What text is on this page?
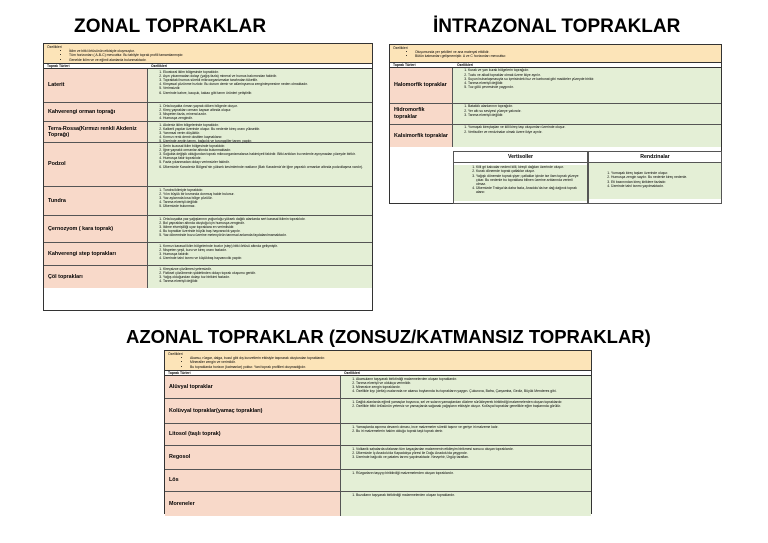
ZONAL TOPRAKLAR	İNTRAZONAL TOPRAKLAR
AZONAL TOPRAKLAR (ZONSUZ/KATMANSIZ TOPRAKLAR)
Özellikleri
• İklim ve bitki örtüsünün etkisiyle oluşmuştur.
• Tüm horizonları ( A-B-C) mevcuttur. Bu tabiiyle toprak profili tamamlanmıştır.
• Genelde iklim ve ve eğimli alanlarda bulunmaktadır.
Toprak Türleri	Özellikleri
Laterit
1. Ekvatoral iklim bölgesinde topraklıdır.
2. Aşırı yıkanmadan dolayı (yağış fazla) mineral ve humus bakımından fakirdir.
3. Topraktaki humus sürekli mikroorganizmalar tarafından tüketilir.
4. Kimyasal çözünme hızlıdır. Bu durum demir ve alüminyumca zenginleşmesine neden olmaktadır.
5. Verimsizdir.
6. Üzerinde kahve, kauçuk, kakao gibi tarım ürünleri yetiştirilir.
Kahverengi orman toprağı
1. Orta kuşakta ılıman yaprak döken bölgede oluşur.
2. Kireç yaprakları ormanı kapsar altında oluşur.
3. Nispeten fazla, mineral azdır.
4. Humusça zengindir.
Terra-Rossa(Kırmızı renkli Akdeniz Toprağı)
1. Akdeniz iklim bölgelerinde topraklıdır.
2. Kalkerli yapılar üzerinde oluşur. Bu nedenle kireç oranı yüksektir.
3. Yarımsal verim düşüktür.
4. Kırmızı renk demir oksitten kaynaklanır.
5. Üzerinde zeytin tarımı, bağcılık ve turunçgiller tarımı yapılır.
Podzol
1. Serin kuzusal iklim bölgesinde topraklıdır.
2. İğne yapraklı ormanlar altında bulunmaktadır.
3. Soğukta değişik olduğundan toprak mikroorganizmalarca hakimiyeti fakirdir. Bitki artıkları bu nedenle ayrışmadan yüzeyde birikir.
4. Humusça fakir topraklıdır.
5. Fazla yıkanmadan dolayı verimsizler fakirdir.
6. Ülkemizde Karadeniz Bölgesi'nin yüksek kesimlerinde rastlanır (Batı Karadeniz'de iğne yapraklı ormanlar altında podzollaşma vardır).
Tundra
1. Tundra iklimiyle topraklıdır.
2. Yılın büyük bir kısmında donmuş halde bulunur.
3. Yaz aylarında kısa bölge çözülür.
4. Tarıma elverişli değildir.
5. Ülkemizde bulunmaz.
Çernozyom ( kara toprak)
1. Orta kuşakta yaz yağışlarının yoğunluğu yüksek dağlık alanlarda sert karasal iklimin topraklıdır.
2. Bol yaprakları altında oluştuğu için humusça zengindir.
3. İklime elverişliliği uyar topraklara en verimlisidir.
4. Bu topraklar üzerinde büyük baş hayvancılık yapılır.
5. Yaz döneminde bozu üzerine metenyörün tarımsal anlamda faydalanılmamaktadır.
Kahverengi step toprakları
1. Kırmızı karasal iklim bölgelerinde bozkır (step) bitki örtüsü altında gelişmiştir.
2. Nispeten yeşil, kuru ve kireç oranı fazladır.
3. Humusça fakirdir.
4. Üzerinde tahıl tarımı ve küçükbaş hayvancılık yapılır.
Çöl toprakları
1. Kireçsizce çözülmesi yetersizdir.
2. Fiziksel çözülmenin şiddetinden dolayı toprak oluşumu geridir.
3. Yağış olduğundan dolayı tuz birikimi fazladır.
4. Tarıma elverişli değildir.
Özellikleri
• Oluşumunda yer şekilleri ve ana materyal etkilidir.
• Bütün katmanları gelişmemiştir. A ve C horizonları mevcuttur.
Toprak Türleri	Özellikleri
Halomorfik topraklar
1. Kurak ve yarı kurak bölgelerin toprağıdır.
2. Tuzlu ve alkali topraklar olmak üzere ikiye ayrılır.
3. Suyun buharlaşmasıyla su içerisindeki tuz ve karbonat gibi maddeler yüzeyde birikir.
4. Tarıma elverişli değildir.
5. Tuz gölü çevresinde yaygındır.
Hidromorfik topraklar
1. Bataklık alanlarının toprağıdır.
2. Yer altı su seviyesi yüzeye yakındır.
3. Tarıma elverişli değildir.
Kalsimorfik topraklar
1. Yumuşak kireçtaşları ve killi kireç taşı oluşumları üzerinde oluşur.
2. Vertisoller ve rendzinalar olmak üzere ikiye ayrılır.
Vertisoller
1. Killi gri kalıcalar nedeni killi, kireçli dağılan üzerinde oluşur.
2. Kurak dönemde toprak çatlaklar oluşur.
3. Yağışlı dönemde toprak şişer; çatlaklar içinde ise ilam toprak yüzeye çıkar. Bu nedenle bu topraklara bilinen üzerine artılarında verimli olmaz.
4. Ülkemizde Trakya'da daha fazla, Anadolu'da ise dağ dağınık toprak alanır.
Rendzinalar
1. Yumuşak kireç taşları üzerinde oluşur.
2. Humusça zengin sayılır. Bu nedenle kireç nedenle.
3. Eti bazınından kireç kiriklere fazladır.
4. Üzerinde tahıl tarımı yapılmaktadır.
Özellikleri
• Akarsu, rüzgar, dalga, buzul gibi dış kuvvetlerin etkisiyle taşınarak oluşturulan topraklardır.
• Mineraller zengin ve verimlidir.
• Bu topraklarda horizon (katmanlar) yoktur. Yani toprak profilleri oluşmadığıdır.
Toprak Türleri	Özellikleri
Alüvyal topraklar
1. Akarsuların taşıyarak biriktirdiği malzemelerden oluşan topraklardır.
2. Tarıma elverişli ve oldukça verimlidir.
3. Mineralce zengin topraklardır.
4. Özellikle kıyı (delta) ovalarında ve akarsu boylarında bu toprakların yaygın. Çukurova, Bafra, Çarşamba, Gediz, Büyük Menderes gibi.
Kolüvyal topraklar(yamaç toprakları)
1. Dağlık alanlarda eğimli yamaçlar boyunca, sel ve suların yamaçlardan düzlere sürükleyerek biriktirdiği malzemelerden oluşan topraklardır.
2. Özellikle bitki örtüsünün yetersiz ve yamaçlarda sağanak yağışların etkisiyle oluşur. Kolüvyal topraklar genellikle eğim başlarında görülür.
Litosol (taşlı toprak)
1. Yamaçlarda aşınma devamlı olması, ince malzemeler sürekli taşınır ve geriye iri malzeme kalır.
2. Bu iri malzemelerin hakim olduğu toprak taşlı toprak denir.
Regosol
1. Volkanik sahalarda ufalanan tüm kayaçlardan malzemenin etkileşim birikmesi sonucu oluşan topraklardır.
2. Ülkemizde İç Anadolu'da Kapadokya yöresi ile Doğu Anadolu'da yaygındır.
3. Üzerinde bağcılık ve patates tarımı yapılmaktadır. Nevşehir, Ürgüp tarafları.
Lös
1. Rüzgarların taşıyıp biriktirdiği malzemelerden oluşan topraklardır.
Moreneler
1. Buzulların taşıyarak biriktirdiği malzemelerden oluşan topraklardır.
